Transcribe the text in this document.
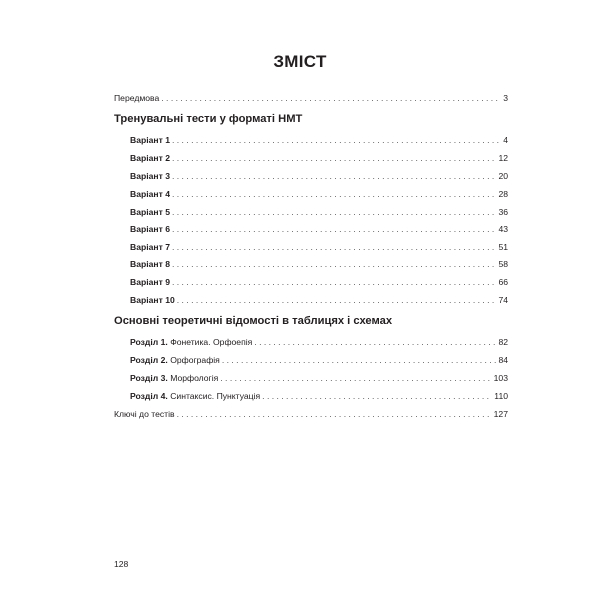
ЗМІСТ
Передмова . . .	3
Тренувальні тести у форматі НМТ
Варіант 1 . . .	4
Варіант 2 . . .	12
Варіант 3 . . .	20
Варіант 4 . . .	28
Варіант 5 . . .	36
Варіант 6 . . .	43
Варіант 7 . . .	51
Варіант 8 . . .	58
Варіант 9 . . .	66
Варіант 10 . . .	74
Основні теоретичні відомості в таблицях і схемах
Розділ 1. Фонетика. Орфоепія . . .	82
Розділ 2. Орфографія . . .	84
Розділ 3. Морфологія . . .	103
Розділ 4. Синтаксис. Пунктуація . . .	110
Ключі до тестів . . .	127
128
